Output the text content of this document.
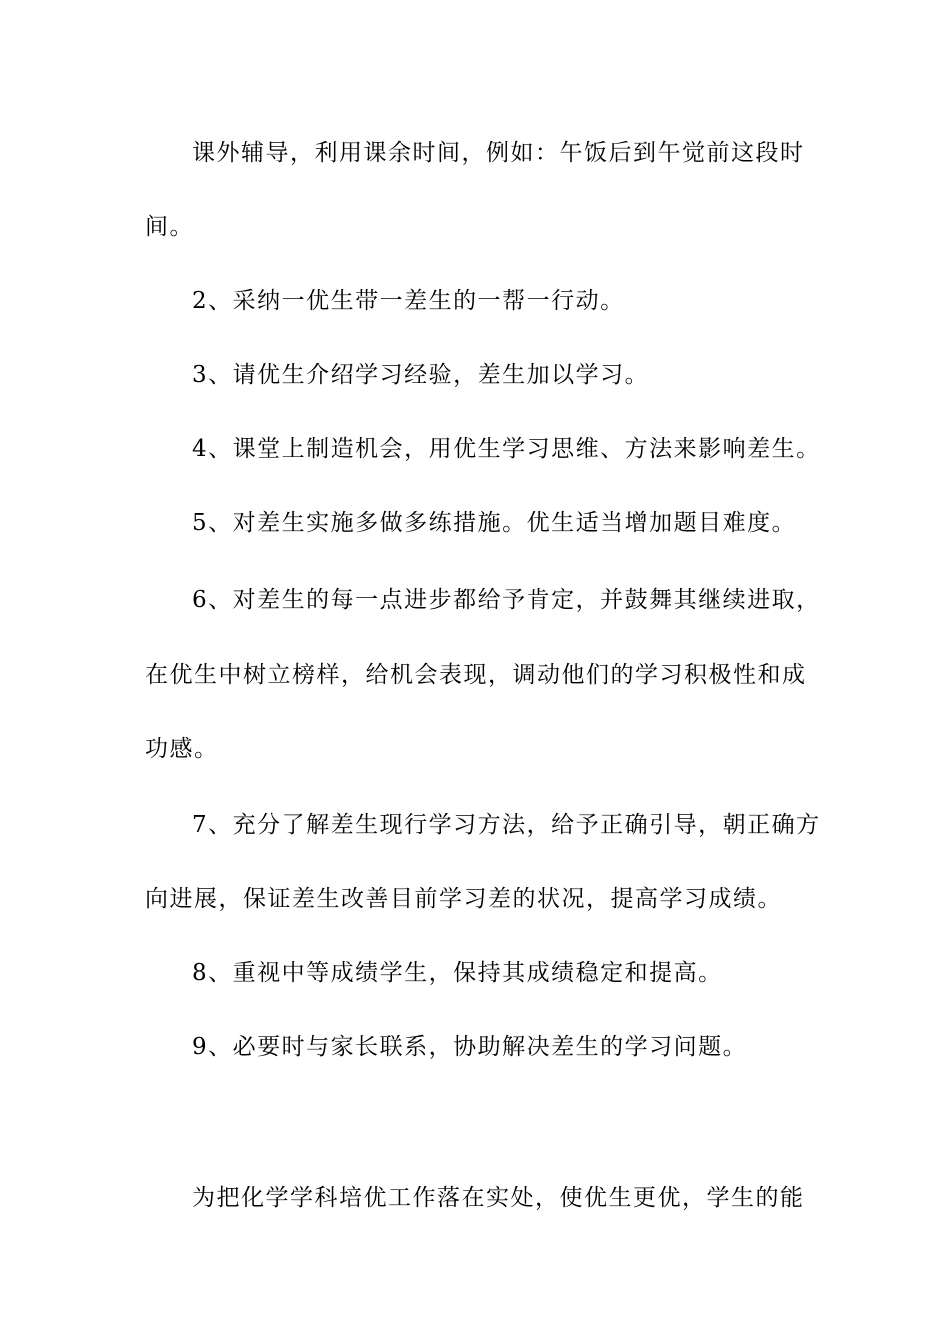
课外辅导，利用课余时间，例如：午饭后到午觉前这段时
间。
2、采纳一优生带一差生的一帮一行动。
3、请优生介绍学习经验，差生加以学习。
4、课堂上制造机会，用优生学习思维、方法来影响差生。
5、对差生实施多做多练措施。优生适当增加题目难度。
6、对差生的每一点进步都给予肯定，并鼓舞其继续进取，
在优生中树立榜样，给机会表现，调动他们的学习积极性和成
功感。
7、充分了解差生现行学习方法，给予正确引导，朝正确方
向进展，保证差生改善目前学习差的状况，提高学习成绩。
8、重视中等成绩学生，保持其成绩稳定和提高。
9、必要时与家长联系，协助解决差生的学习问题。
为把化学学科培优工作落在实处，使优生更优，学生的能
